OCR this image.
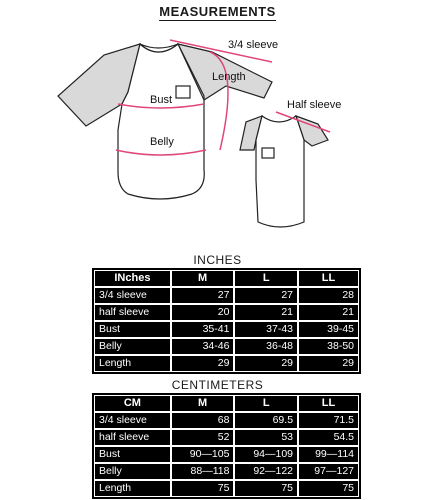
MEASUREMENTS
3/4 sleeve
Length
Bust	Half sleeve
Belly
INCHES
INches	M	L	LL
3/4 sleeve	27	27	28
half sleeve	20	21	21
Bust	35-41	37-43	39-45
Belly	34-46	36-48	38-50
Length	29	29	29
CENTIMETERS
CM	M	L	LL
3/4 sleeve	68	69.5	71.5
half sleeve	52	53	54.5
Bust	90—105	94—109	99—114
Belly	88—118	92—122	97—127
Length	75	75	75
